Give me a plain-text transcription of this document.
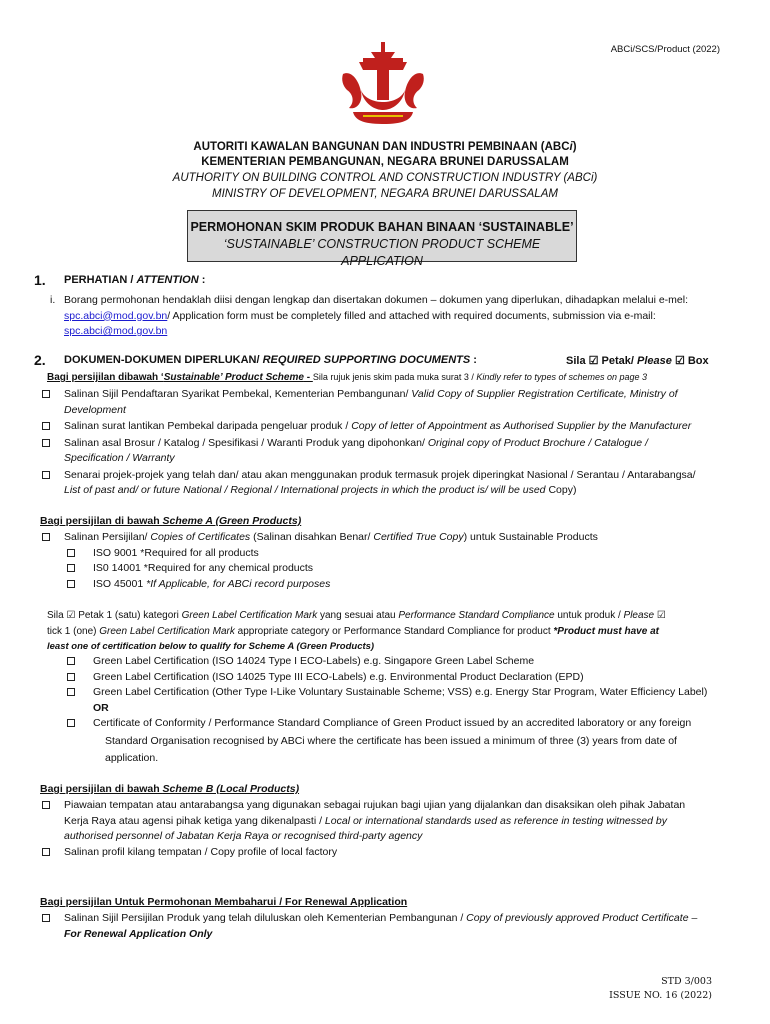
ABCi/SCS/Product (2022)
AUTORITI KAWALAN BANGUNAN DAN INDUSTRI PEMBINAAN (ABCi)
KEMENTERIAN PEMBANGUNAN, NEGARA BRUNEI DARUSSALAM
AUTHORITY ON BUILDING CONTROL AND CONSTRUCTION INDUSTRY (ABCi)
MINISTRY OF DEVELOPMENT, NEGARA BRUNEI DARUSSALAM
PERMOHONAN SKIM PRODUK BAHAN BINAAN ‘SUSTAINABLE’
‘SUSTAINABLE’ CONSTRUCTION PRODUCT SCHEME APPLICATION
1. PERHATIAN / ATTENTION :
i. Borang permohonan hendaklah diisi dengan lengkap dan disertakan dokumen – dokumen yang diperlukan, dihadapkan melalui e-mel:
spc.abci@mod.gov.bn/ Application form must be completely filled and attached with required documents, submission via e-mail:
spc.abci@mod.gov.bn
2. DOKUMEN-DOKUMEN DIPERLUKAN/ REQUIRED SUPPORTING DOCUMENTS :	Sila ☑ Petak/ Please ☑ Box
Bagi persijilan dibawah ‘Sustainable’ Product Scheme - Sila rujuk jenis skim pada muka surat 3 / Kindly refer to types of schemes on page 3
Salinan Sijil Pendaftaran Syarikat Pembekal, Kementerian Pembangunan/ Valid Copy of Supplier Registration Certificate, Ministry of
Development
Salinan surat lantikan Pembekal daripada pengeluar produk / Copy of letter of Appointment as Authorised Supplier by the Manufacturer
Salinan asal Brosur / Katalog / Spesifikasi / Waranti Produk yang dipohonkan/ Original copy of Product Brochure / Catalogue /
Specification / Warranty
Senarai projek-projek yang telah dan/ atau akan menggunakan produk termasuk projek diperingkat Nasional / Serantau / Antarabangsa/
List of past and/ or future National / Regional / International projects in which the product is/ will be used Copy)
Bagi persijilan di bawah Scheme A (Green Products)
Salinan Persijilan/ Copies of Certificates (Salinan disahkan Benar/ Certified True Copy) untuk Sustainable Products
ISO 9001 *Required for all products
IS0 14001 *Required for any chemical products
ISO 45001 *If Applicable, for ABCi record purposes
Sila ☑ Petak 1 (satu) kategori Green Label Certification Mark yang sesuai atau Performance Standard Compliance untuk produk / Please ☑
tick 1 (one) Green Label Certification Mark appropriate category or Performance Standard Compliance for product *Product must have at
least one of certification below to qualify for Scheme A (Green Products)
Green Label Certification (ISO 14024 Type I ECO-Labels) e.g. Singapore Green Label Scheme
Green Label Certification (ISO 14025 Type III ECO-Labels) e.g. Environmental Product Declaration (EPD)
Green Label Certification (Other Type I-Like Voluntary Sustainable Scheme; VSS) e.g. Energy Star Program, Water Efficiency Label)
OR
Certificate of Conformity / Performance Standard Compliance of Green Product issued by an accredited laboratory or any foreign
Standard Organisation recognised by ABCi where the certificate has been issued a minimum of three (3) years from date of
application.
Bagi persijilan di bawah Scheme B (Local Products)
Piawaian tempatan atau antarabangsa yang digunakan sebagai rujukan bagi ujian yang dijalankan dan disaksikan oleh pihak Jabatan
Kerja Raya atau agensi pihak ketiga yang dikenalpasti / Local or international standards used as reference in testing witnessed by
authorised personnel of Jabatan Kerja Raya or recognised third-party agency
Salinan profil kilang tempatan / Copy profile of local factory
Bagi persijilan Untuk Permohonan Membaharui / For Renewal Application
Salinan Sijil Persijilan Produk yang telah diluluskan oleh Kementerian Pembangunan / Copy of previously approved Product Certificate –
For Renewal Application Only
STD 3/003
ISSUE NO. 16 (2022)
